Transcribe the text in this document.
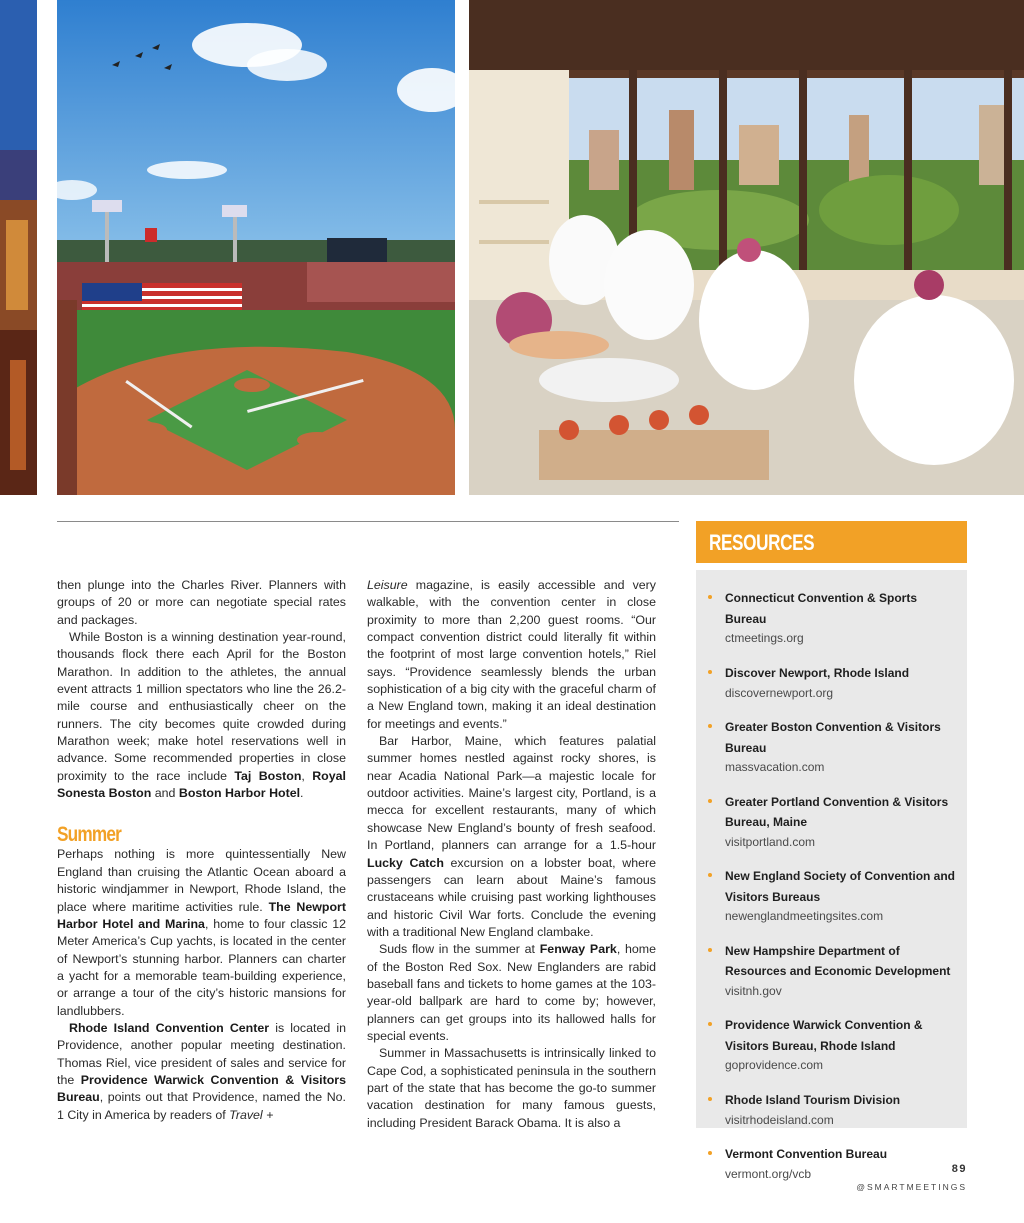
then plunge into the Charles River. Planners with groups of 20 or more can negotiate special rates and packages.

While Boston is a winning destination year-round, thousands flock there each April for the Boston Marathon. In addition to the athletes, the annual event attracts 1 million spectators who line the 26.2-mile course and enthusiastically cheer on the runners. The city becomes quite crowded during Marathon week; make hotel reservations well in advance. Some recommended properties in close proximity to the race include Taj Boston, Royal Sonesta Boston and Boston Harbor Hotel.

Summer

Perhaps nothing is more quintessentially New England than cruising the Atlantic Ocean aboard a historic windjammer in Newport, Rhode Island, the place where maritime activities rule. The Newport Harbor Hotel and Marina, home to four classic 12 Meter America’s Cup yachts, is located in the center of Newport’s stunning harbor. Planners can charter a yacht for a memorable team-building experience, or arrange a tour of the city’s historic mansions for landlubbers.

Rhode Island Convention Center is located in Providence, another popular meeting destination. Thomas Riel, vice president of sales and service for the Providence Warwick Convention & Visitors Bureau, points out that Providence, named the No. 1 City in America by readers of Travel +

Leisure magazine, is easily accessible and very walkable, with the convention center in close proximity to more than 2,200 guest rooms. “Our compact convention district could literally fit within the footprint of most large convention hotels,” Riel says. “Providence seamlessly blends the urban sophistication of a big city with the graceful charm of a New England town, making it an ideal destination for meetings and events.”

Bar Harbor, Maine, which features palatial summer homes nestled against rocky shores, is near Acadia National Park—a majestic locale for outdoor activities. Maine’s largest city, Portland, is a mecca for excellent restaurants, many of which showcase New England’s bounty of fresh seafood. In Portland, planners can arrange for a 1.5-hour Lucky Catch excursion on a lobster boat, where passengers can learn about Maine’s famous crustaceans while cruising past working lighthouses and historic Civil War forts. Conclude the evening with a traditional New England clambake.

Suds flow in the summer at Fenway Park, home of the Boston Red Sox. New Englanders are rabid baseball fans and tickets to home games at the 103-year-old ballpark are hard to come by; however, planners can get groups into its hallowed halls for special events.

Summer in Massachusetts is intrinsically linked to Cape Cod, a sophisticated peninsula in the southern part of the state that has become the go-to summer vacation destination for many famous guests, including President Barack Obama. It is also a

RESOURCES
Connecticut Convention & Sports Bureau
ctmeetings.org
Discover Newport, Rhode Island
discovernewport.org
Greater Boston Convention & Visitors Bureau
massvacation.com
Greater Portland Convention & Visitors Bureau, Maine
visitportland.com
New England Society of Convention and Visitors Bureaus
newenglandmeetingsites.com
New Hampshire Department of Resources and Economic Development
visitnh.gov
Providence Warwick Convention & Visitors Bureau, Rhode Island
goprovidence.com
Rhode Island Tourism Division
visitrhodeisland.com
Vermont Convention Bureau
vermont.org/vcb	89
@SMARTMEETINGS
